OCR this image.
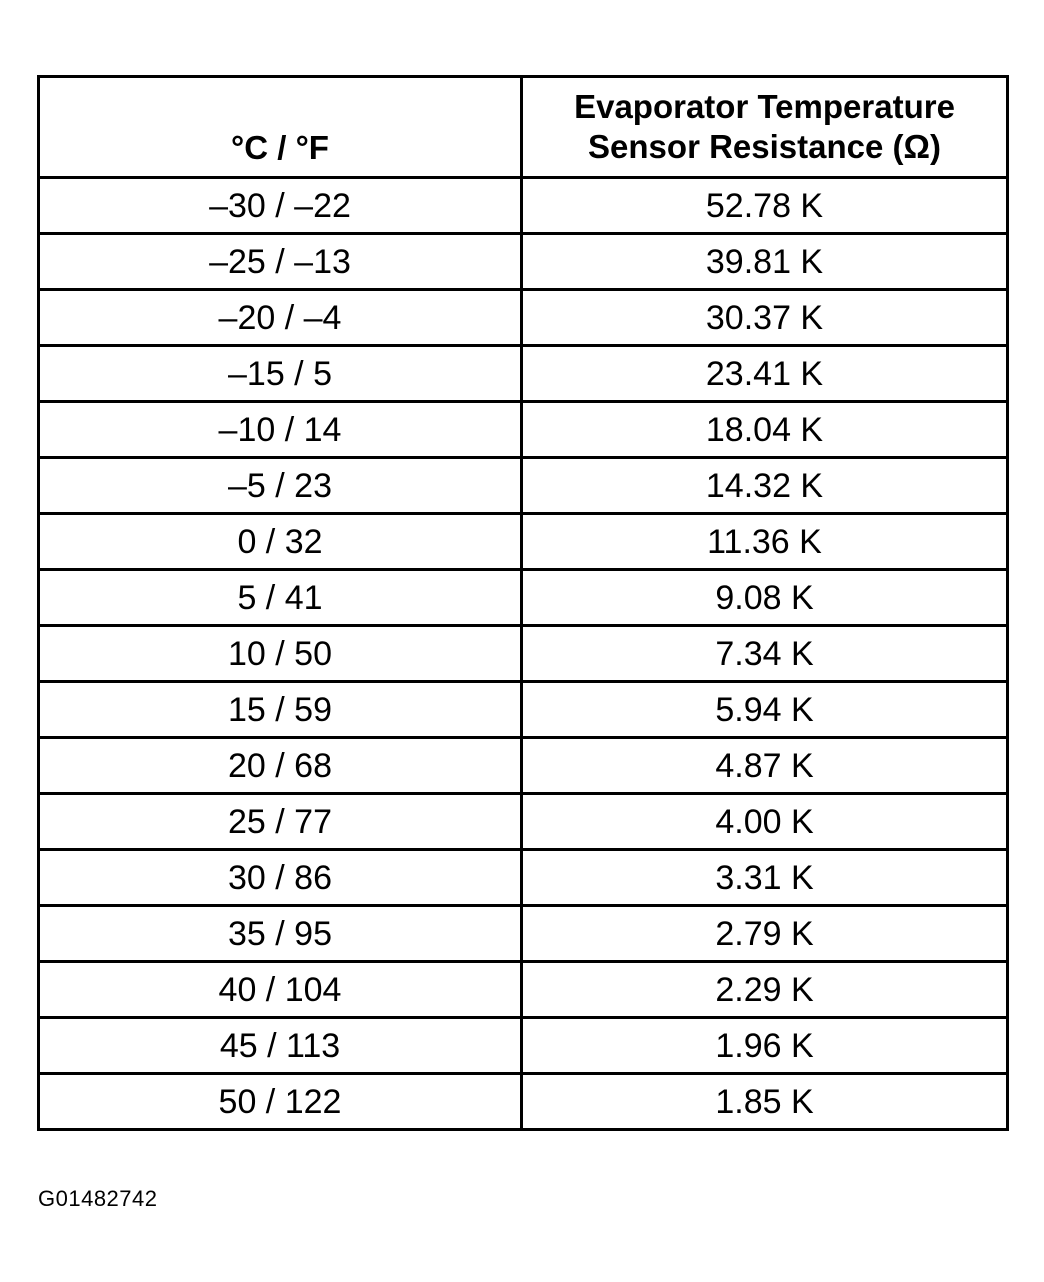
°C / °F	Evaporator Temperature
Sensor Resistance (Ω)

–30 / –22	52.78 K
–25 / –13	39.81 K
–20 / –4	30.37 K
–15 / 5	23.41 K
–10 / 14	18.04 K
–5 / 23	14.32 K
0 / 32	11.36 K
5 / 41	9.08 K
10 / 50	7.34 K
15 / 59	5.94 K
20 / 68	4.87 K
25 / 77	4.00 K
30 / 86	3.31 K
35 / 95	2.79 K
40 / 104	2.29 K
45 / 113	1.96 K
50 / 122	1.85 K
G01482742
